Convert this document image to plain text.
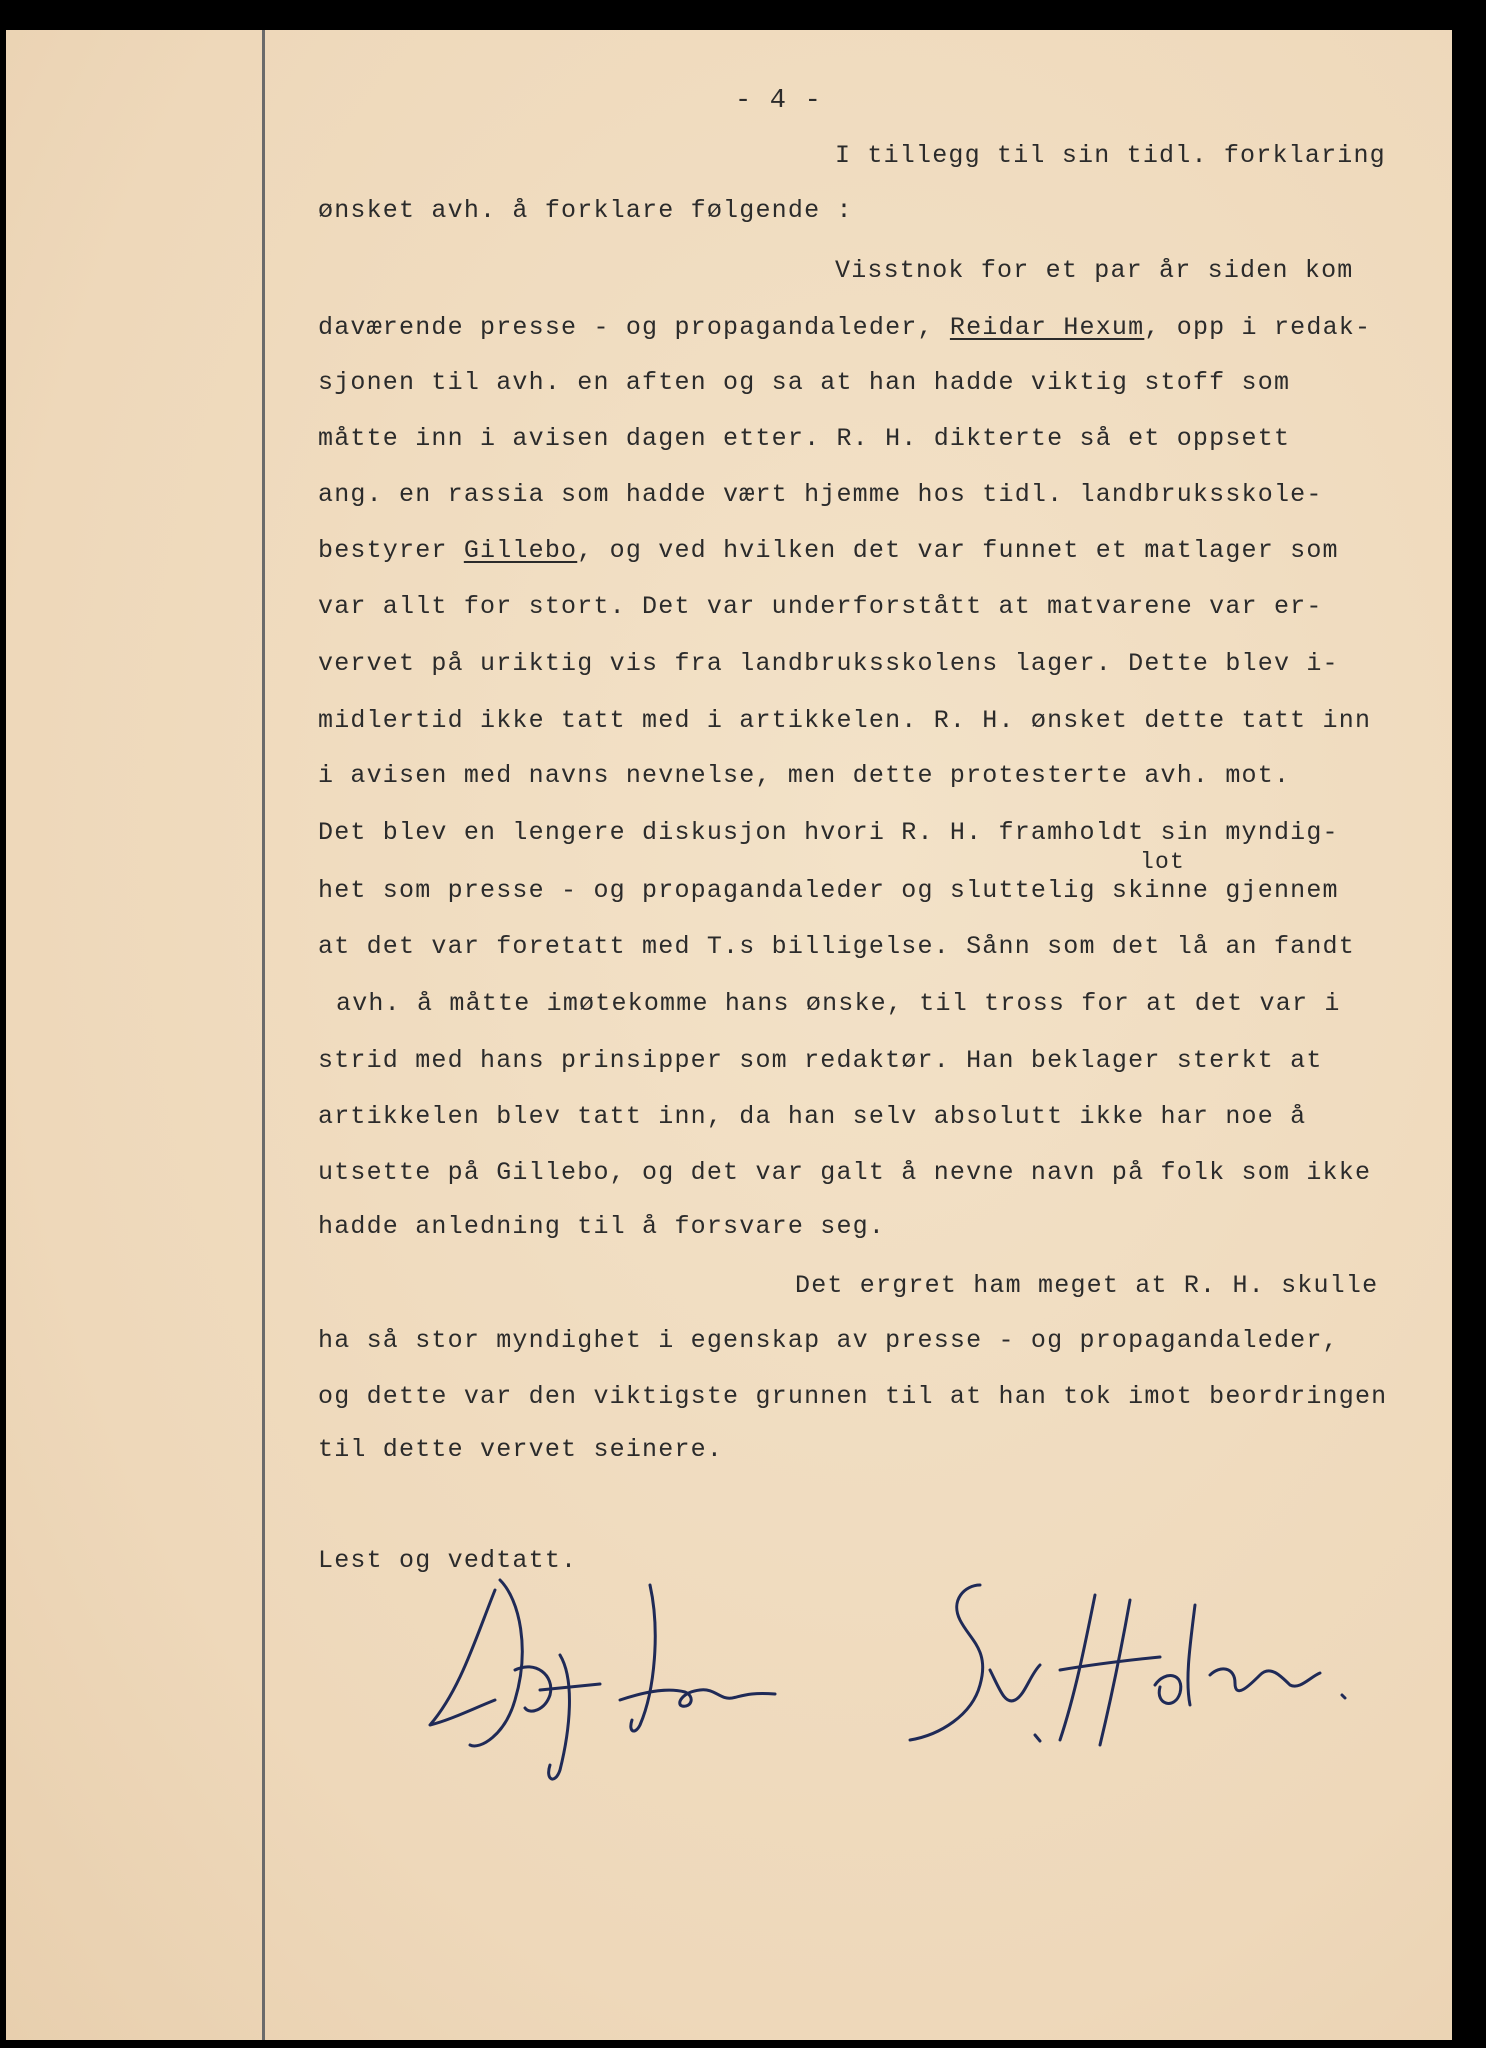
- 4 -
I tillegg til sin tidl. forklaring
ønsket avh. å forklare følgende :
Visstnok for et par år siden kom
daværende presse - og propagandaleder, Reidar Hexum, opp i redak-
sjonen til avh. en aften og sa at han hadde viktig stoff som
måtte inn i avisen dagen etter. R. H. dikterte så et oppsett
ang. en rassia som hadde vært hjemme hos tidl. landbruksskole-
bestyrer Gillebo, og ved hvilken det var funnet et matlager som
var allt for stort. Det var underforstått at matvarene var er-
vervet på uriktig vis fra landbruksskolens lager. Dette blev i-
midlertid ikke tatt med i artikkelen. R. H. ønsket dette tatt inn
i avisen med navns nevnelse, men dette protesterte avh. mot.
Det blev en lengere diskusjon hvori R. H. framholdt sin myndig-
lot
het som presse - og propagandaleder og sluttelig skinne gjennem
at det var foretatt med T.s billigelse. Sånn som det lå an fandt
avh. å måtte imøtekomme hans ønske, til tross for at det var i
strid med hans prinsipper som redaktør. Han beklager sterkt at
artikkelen blev tatt inn, da han selv absolutt ikke har noe å
utsette på Gillebo, og det var galt å nevne navn på folk som ikke
hadde anledning til å forsvare seg.
Det ergret ham meget at R. H. skulle
ha så stor myndighet i egenskap av presse - og propagandaleder,
og dette var den viktigste grunnen til at han tok imot beordringen
til dette vervet seinere.
Lest og vedtatt.
